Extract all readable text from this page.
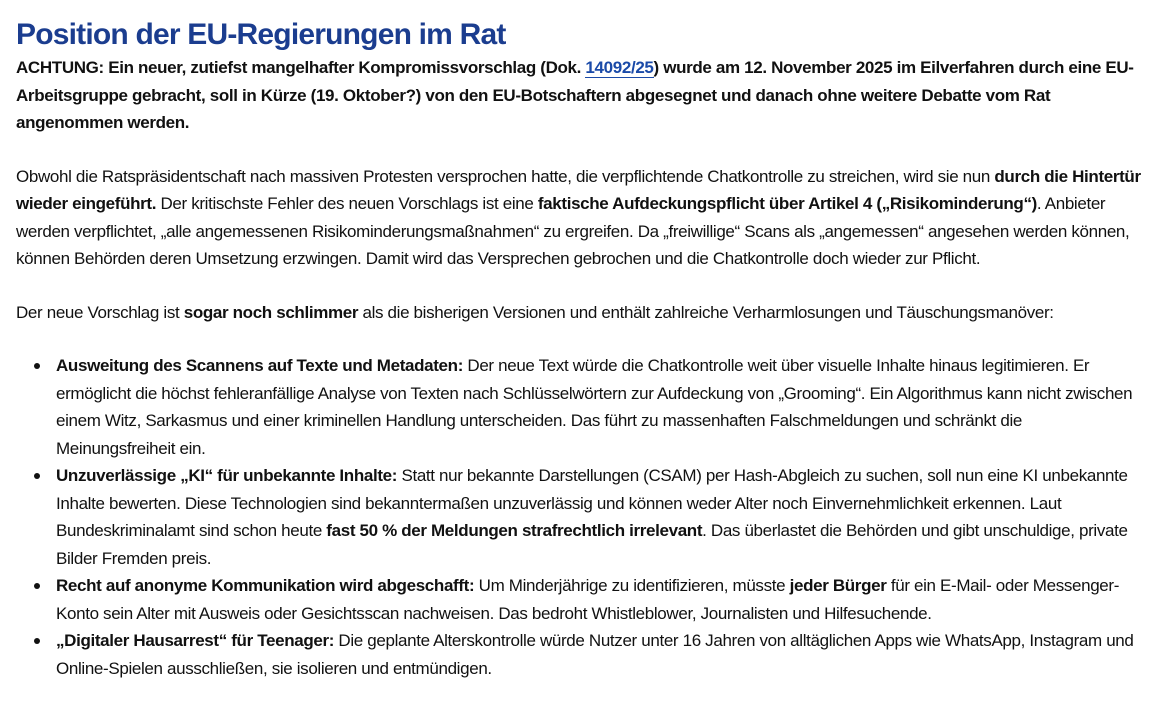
Position der EU-Regierungen im Rat

ACHTUNG: Ein neuer, zutiefst mangelhafter Kompromissvorschlag (Dok. 14092/25) wurde am 12. November 2025 im Eilverfahren durch eine EU-Arbeitsgruppe gebracht, soll in Kürze (19. Oktober?) von den EU-Botschaftern abgesegnet und danach ohne weitere Debatte vom Rat angenommen werden.

Obwohl die Ratspräsidentschaft nach massiven Protesten versprochen hatte, die verpflichtende Chatkontrolle zu streichen, wird sie nun durch die Hintertür wieder eingeführt. Der kritischste Fehler des neuen Vorschlags ist eine faktische Aufdeckungspflicht über Artikel 4 („Risikominderung“). Anbieter werden verpflichtet, „alle angemessenen Risikominderungsmaßnahmen“ zu ergreifen. Da „freiwillige“ Scans als „angemessen“ angesehen werden können, können Behörden deren Umsetzung erzwingen. Damit wird das Versprechen gebrochen und die Chatkontrolle doch wieder zur Pflicht.

Der neue Vorschlag ist sogar noch schlimmer als die bisherigen Versionen und enthält zahlreiche Verharmlosungen und Täuschungsmanöver:

Ausweitung des Scannens auf Texte und Metadaten: Der neue Text würde die Chatkontrolle weit über visuelle Inhalte hinaus legitimieren. Er ermöglicht die höchst fehleranfällige Analyse von Texten nach Schlüsselwörtern zur Aufdeckung von „Grooming“. Ein Algorithmus kann nicht zwischen einem Witz, Sarkasmus und einer kriminellen Handlung unterscheiden. Das führt zu massenhaften Falschmeldungen und schränkt die Meinungsfreiheit ein.
Unzuverlässige „KI“ für unbekannte Inhalte: Statt nur bekannte Darstellungen (CSAM) per Hash-Abgleich zu suchen, soll nun eine KI unbekannte Inhalte bewerten. Diese Technologien sind bekanntermaßen unzuverlässig und können weder Alter noch Einvernehmlichkeit erkennen. Laut Bundeskriminalamt sind schon heute fast 50 % der Meldungen strafrechtlich irrelevant. Das überlastet die Behörden und gibt unschuldige, private Bilder Fremden preis.
Recht auf anonyme Kommunikation wird abgeschafft: Um Minderjährige zu identifizieren, müsste jeder Bürger für ein E-Mail- oder Messenger-Konto sein Alter mit Ausweis oder Gesichtsscan nachweisen. Das bedroht Whistleblower, Journalisten und Hilfesuchende.
„Digitaler Hausarrest“ für Teenager: Die geplante Alterskontrolle würde Nutzer unter 16 Jahren von alltäglichen Apps wie WhatsApp, Instagram und Online-Spielen ausschließen, sie isolieren und entmündigen.
